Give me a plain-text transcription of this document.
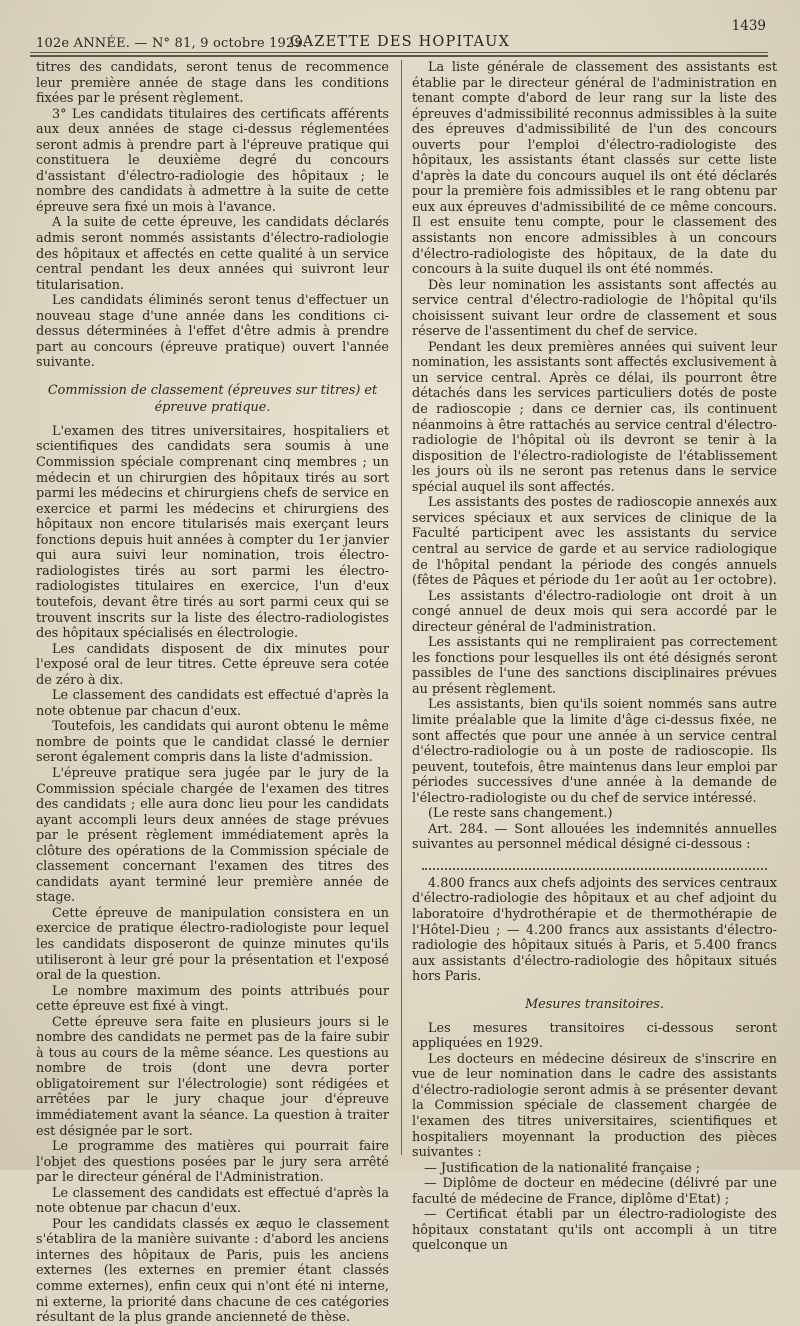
102e ANNÉE. — N° 81, 9 octobre 1929.
GAZETTE DES HOPITAUX
1439

titres des candidats, seront tenus de recommence leur première année de stage dans les conditions fixées par le présent règlement.

3° Les candidats titulaires des certificats afférents aux deux années de stage ci-dessus réglementées seront admis à prendre part à l'épreuve pratique qui constituera le deuxième degré du concours d'assistant d'électro-radiologie des hôpitaux ; le nombre des candidats à admettre à la suite de cette épreuve sera fixé un mois à l'avance.

A la suite de cette épreuve, les candidats déclarés admis seront nommés assistants d'électro-radiologie des hôpitaux et affectés en cette qualité à un service central pendant les deux années qui suivront leur titularisation.

Les candidats éliminés seront tenus d'effectuer un nouveau stage d'une année dans les conditions ci-dessus déterminées à l'effet d'être admis à prendre part au concours (épreuve pratique) ouvert l'année suivante.

Commission de classement (épreuves sur titres) et épreuve pratique.

L'examen des titres universitaires, hospitaliers et scientifiques des candidats sera soumis à une Commission spéciale comprenant cinq membres ; un médecin et un chirurgien des hôpitaux tirés au sort parmi les médecins et chirurgiens chefs de service en exercice et parmi les médecins et chirurgiens des hôpitaux non encore titularisés mais exerçant leurs fonctions depuis huit années à compter du 1er janvier qui aura suivi leur nomination, trois électro-radiologistes tirés au sort parmi les électro-radiologistes titulaires en exercice, l'un d'eux toutefois, devant être tirés au sort parmi ceux qui se trouvent inscrits sur la liste des électro-radiologistes des hôpitaux spécialisés en électrologie.

Les candidats disposent de dix minutes pour l'exposé oral de leur titres. Cette épreuve sera cotée de zéro à dix.

Le classement des candidats est effectué d'après la note obtenue par chacun d'eux.

Toutefois, les candidats qui auront obtenu le même nombre de points que le candidat classé le dernier seront également compris dans la liste d'admission.

L'épreuve pratique sera jugée par le jury de la Commission spéciale chargée de l'examen des titres des candidats ; elle aura donc lieu pour les candidats ayant accompli leurs deux années de stage prévues par le présent règlement immédiatement après la clôture des opérations de la Commission spéciale de classement concernant l'examen des titres des candidats ayant terminé leur première année de stage.

Cette épreuve de manipulation consistera en un exercice de pratique électro-radiologiste pour lequel les candidats disposeront de quinze minutes qu'ils utiliseront à leur gré pour la présentation et l'exposé oral de la question.

Le nombre maximum des points attribués pour cette épreuve est fixé à vingt.

Cette épreuve sera faite en plusieurs jours si le nombre des candidats ne permet pas de la faire subir à tous au cours de la même séance. Les questions au nombre de trois (dont une devra porter obligatoirement sur l'électrologie) sont rédigées et arrêtées par le jury chaque jour d'épreuve immédiatement avant la séance. La question à traiter est désignée par le sort.

Le programme des matières qui pourrait faire l'objet des questions posées par le jury sera arrêté par le directeur général de l'Administration.

Le classement des candidats est effectué d'après la note obtenue par chacun d'eux.

Pour les candidats classés ex æquo le classement s'établira de la manière suivante : d'abord les anciens internes des hôpitaux de Paris, puis les anciens externes (les externes en premier étant classés comme externes), enfin ceux qui n'ont été ni interne, ni externe, la priorité dans chacune de ces catégories résultant de la plus grande ancienneté de thèse.

La liste générale de classement des assistants est établie par le directeur général de l'administration en tenant compte d'abord de leur rang sur la liste des épreuves d'admissibilité reconnus admissibles à la suite des épreuves d'admissibilité de l'un des concours ouverts pour l'emploi d'électro-radiologiste des hôpitaux, les assistants étant classés sur cette liste d'après la date du concours auquel ils ont été déclarés pour la première fois admissibles et le rang obtenu par eux aux épreuves d'admissibilité de ce même concours. Il est ensuite tenu compte, pour le classement des assistants non encore admissibles à un concours d'électro-radiologiste des hôpitaux, de la date du concours à la suite duquel ils ont été nommés.

Dès leur nomination les assistants sont affectés au service central d'électro-radiologie de l'hôpital qu'ils choisissent suivant leur ordre de classement et sous réserve de l'assentiment du chef de service.

Pendant les deux premières années qui suivent leur nomination, les assistants sont affectés exclusivement à un service central. Après ce délai, ils pourront être détachés dans les services particuliers dotés de poste de radioscopie ; dans ce dernier cas, ils continuent néanmoins à être rattachés au service central d'électro-radiologie de l'hôpital où ils devront se tenir à la disposition de l'électro-radiologiste de l'établissement les jours où ils ne seront pas retenus dans le service spécial auquel ils sont affectés.

Les assistants des postes de radioscopie annexés aux services spéciaux et aux services de clinique de la Faculté participent avec les assistants du service central au service de garde et au service radiologique de l'hôpital pendant la période des congés annuels (fêtes de Pâques et période du 1er août au 1er octobre).

Les assistants d'électro-radiologie ont droit à un congé annuel de deux mois qui sera accordé par le directeur général de l'administration.

Les assistants qui ne rempliraient pas correctement les fonctions pour lesquelles ils ont été désignés seront passibles de l'une des sanctions disciplinaires prévues au présent règlement.

Les assistants, bien qu'ils soient nommés sans autre limite préalable que la limite d'âge ci-dessus fixée, ne sont affectés que pour une année à un service central d'électro-radiologie ou à un poste de radioscopie. Ils peuvent, toutefois, être maintenus dans leur emploi par périodes successives d'une année à la demande de l'électro-radiologiste ou du chef de service intéressé.

(Le reste sans changement.)

Art. 284. — Sont allouées les indemnités annuelles suivantes au personnel médical désigné ci-dessous :

4.800 francs aux chefs adjoints des services centraux d'électro-radiologie des hôpitaux et au chef adjoint du laboratoire d'hydrothérapie et de thermothérapie de l'Hôtel-Dieu ; — 4.200 francs aux assistants d'électro-radiologie des hôpitaux situés à Paris, et 5.400 francs aux assistants d'électro-radiologie des hôpitaux situés hors Paris.

Mesures transitoires.

Les mesures transitoires ci-dessous seront appliquées en 1929.

Les docteurs en médecine désireux de s'inscrire en vue de leur nomination dans le cadre des assistants d'électro-radiologie seront admis à se présenter devant la Commission spéciale de classement chargée de l'examen des titres universitaires, scientifiques et hospitaliers moyennant la production des pièces suivantes :

— Justification de la nationalité française ;

— Diplôme de docteur en médecine (délivré par une faculté de médecine de France, diplôme d'Etat) ;

— Certificat établi par un électro-radiologiste des hôpitaux constatant qu'ils ont accompli à un titre quelconque un
